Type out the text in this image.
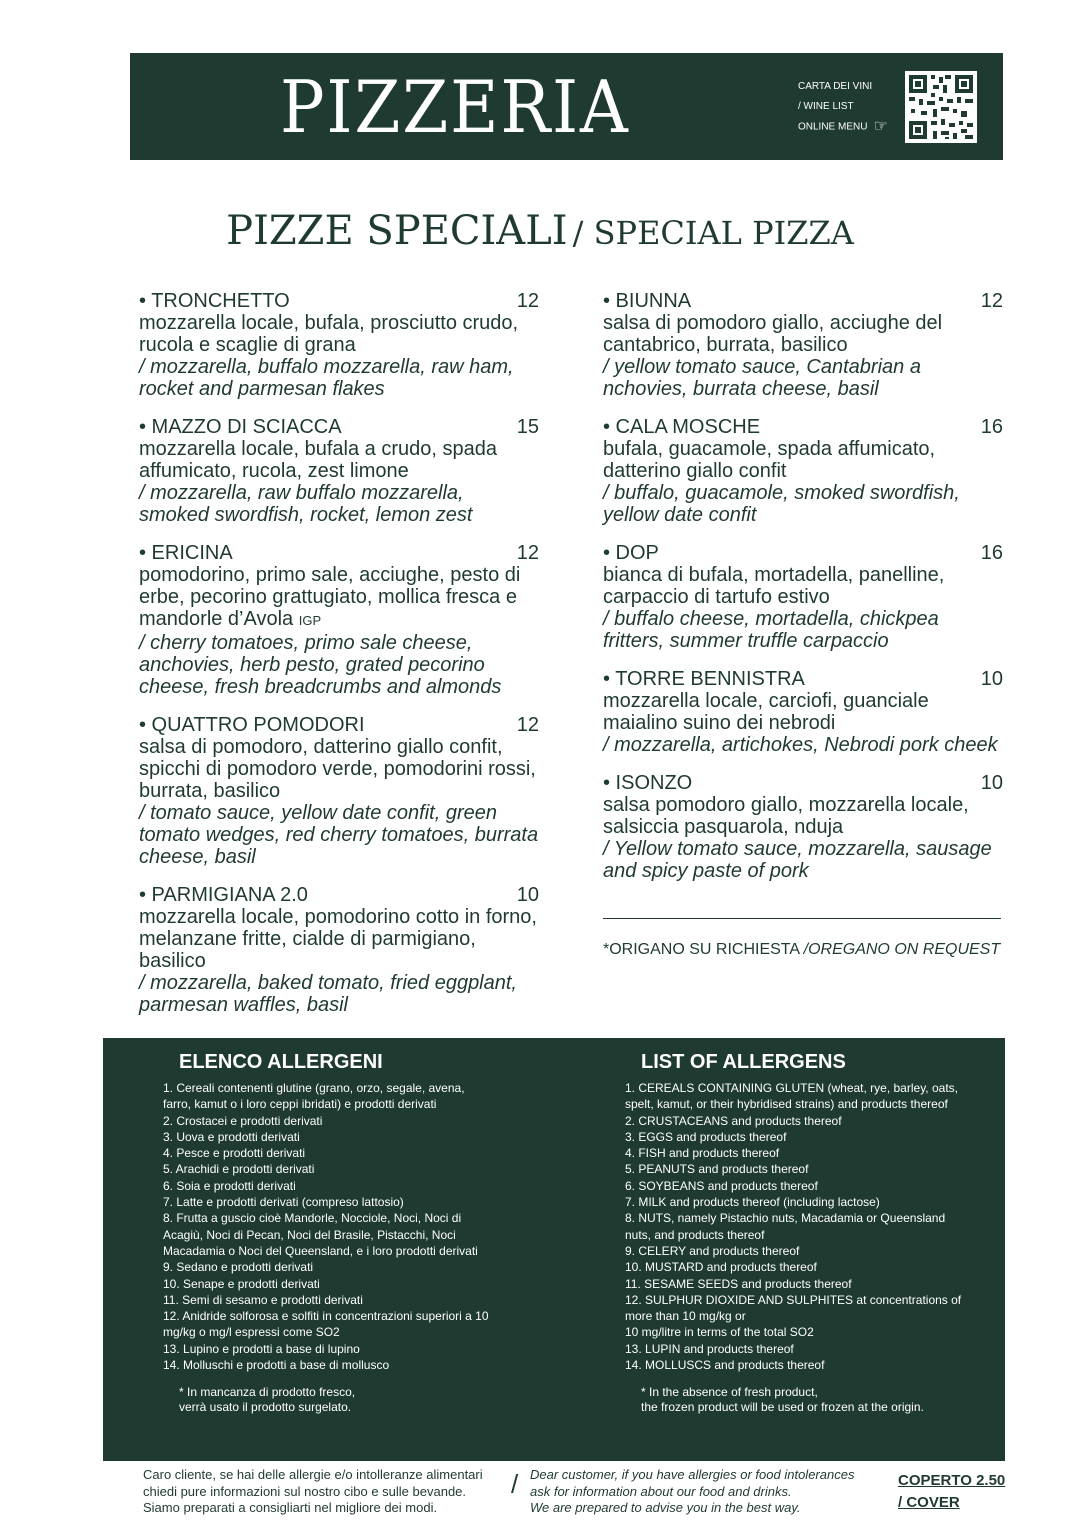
PIZZERIA	CARTA DEI VINI
/ WINE LIST
ONLINE MENU ☞
PIZZE SPECIALI / SPECIAL PIZZA
• TRONCHETTO	12
mozzarella locale, bufala, prosciutto crudo, rucola e scaglie di grana
/ mozzarella, buffalo mozzarella, raw ham, rocket and parmesan flakes
• MAZZO DI SCIACCA	15
mozzarella locale, bufala a crudo, spada affumicato, rucola, zest limone
/ mozzarella, raw buffalo mozzarella, smoked swordfish, rocket, lemon zest
• ERICINA	12
pomodorino, primo sale, acciughe, pesto di erbe, pecorino grattugiato, mollica fresca e mandorle d’Avola IGP
/ cherry tomatoes, primo sale cheese, anchovies, herb pesto, grated pecorino cheese, fresh breadcrumbs and almonds
• QUATTRO POMODORI	12
salsa di pomodoro, datterino giallo confit, spicchi di pomodoro verde, pomodorini rossi, burrata, basilico
/ tomato sauce, yellow date confit, green tomato wedges, red cherry tomatoes, burrata cheese, basil
• PARMIGIANA 2.0	10
mozzarella locale, pomodorino cotto in forno, melanzane fritte, cialde di parmigiano, basilico
/ mozzarella, baked tomato, fried eggplant, parmesan waffles, basil
• BIUNNA	12
salsa di pomodoro giallo, acciughe del cantabrico, burrata, basilico
/ yellow tomato sauce, Cantabrian a nchovies, burrata cheese, basil
• CALA MOSCHE	16
bufala, guacamole, spada affumicato, datterino giallo confit
/ buffalo, guacamole, smoked swordfish, yellow date confit
• DOP	16
bianca di bufala, mortadella, panelline, carpaccio di tartufo estivo
/ buffalo cheese, mortadella, chickpea fritters, summer truffle carpaccio
• TORRE BENNISTRA	10
mozzarella locale, carciofi, guanciale maialino suino dei nebrodi
/ mozzarella, artichokes, Nebrodi pork cheek
• ISONZO	10
salsa pomodoro giallo, mozzarella locale, salsiccia pasquarola, nduja
/ Yellow tomato sauce, mozzarella, sausage and spicy paste of pork
*ORIGANO SU RICHIESTA /OREGANO ON REQUEST
ELENCO ALLERGENI
1. Cereali contenenti glutine (grano, orzo, segale, avena,
farro, kamut o i loro ceppi ibridati) e prodotti derivati
2. Crostacei e prodotti derivati
3. Uova e prodotti derivati
4. Pesce e prodotti derivati
5. Arachidi e prodotti derivati
6. Soia e prodotti derivati
7. Latte e prodotti derivati (compreso lattosio)
8. Frutta a guscio cioè Mandorle, Nocciole, Noci, Noci di
Acagiù, Noci di Pecan, Noci del Brasile, Pistacchi, Noci
Macadamia o Noci del Queensland, e i loro prodotti derivati
9. Sedano e prodotti derivati
10. Senape e prodotti derivati
11. Semi di sesamo e prodotti derivati
12. Anidride solforosa e solfiti in concentrazioni superiori a 10
mg/kg o mg/l espressi come SO2
13. Lupino e prodotti a base di lupino
14. Molluschi e prodotti a base di mollusco
* In mancanza di prodotto fresco,
verrà usato il prodotto surgelato.
LIST OF ALLERGENS
1. CEREALS CONTAINING GLUTEN (wheat, rye, barley, oats,
spelt, kamut, or their hybridised strains) and products thereof
2. CRUSTACEANS and products thereof
3. EGGS and products thereof
4. FISH and products thereof
5. PEANUTS and products thereof
6. SOYBEANS and products thereof
7. MILK and products thereof (including lactose)
8. NUTS, namely Pistachio nuts, Macadamia or Queensland
nuts, and products thereof
9. CELERY and products thereof
10. MUSTARD and products thereof
11. SESAME SEEDS and products thereof
12. SULPHUR DIOXIDE AND SULPHITES at concentrations of
more than 10 mg/kg or
10 mg/litre in terms of the total SO2
13. LUPIN and products thereof
14. MOLLUSCS and products thereof
* In the absence of fresh product,
the frozen product will be used or frozen at the origin.
Caro cliente, se hai delle allergie e/o intolleranze alimentari
chiedi pure informazioni sul nostro cibo e sulle bevande.
Siamo preparati a consigliarti nel migliore dei modi.
/ Dear customer, if you have allergies or food intolerances
ask for information about our food and drinks.
We are prepared to advise you in the best way.
COPERTO 2.50
/ COVER
